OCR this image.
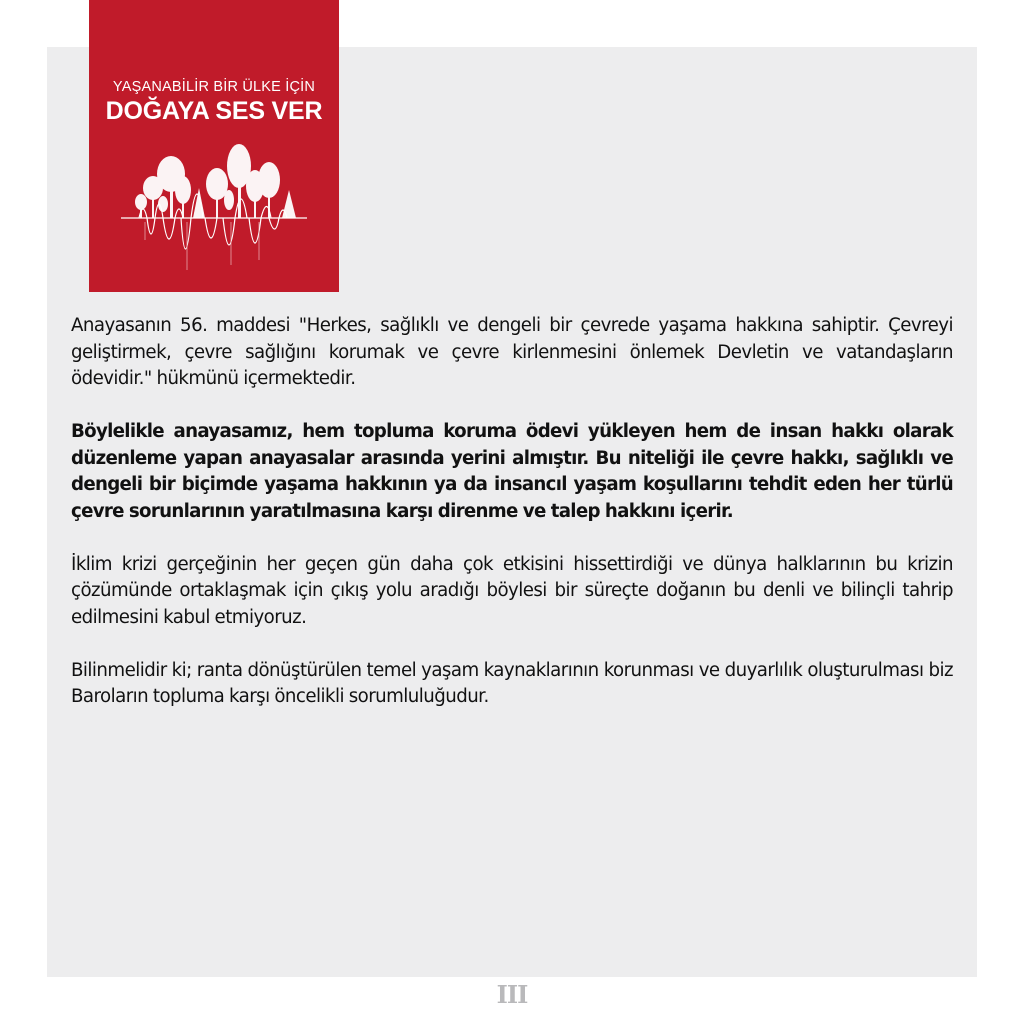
YAŞANABİLİR BİR ÜLKE İÇİN
DOĞAYA SES VER

Anayasanın 56. maddesi "Herkes, sağlıklı ve dengeli bir çevrede yaşama hakkına sahiptir. Çevreyi geliştirmek, çevre sağlığını korumak ve çevre kirlenmesini önlemek Devletin ve vatandaşların ödevidir." hükmünü içermektedir.

Böylelikle anayasamız, hem topluma koruma ödevi yükleyen hem de insan hakkı olarak düzenleme yapan anayasalar arasında yerini almıştır. Bu niteliği ile çevre hakkı, sağlıklı ve dengeli bir biçimde yaşama hakkının ya da insancıl yaşam koşullarını tehdit eden her türlü çevre sorunlarının yaratılmasına karşı direnme ve talep hakkını içerir.

İklim krizi gerçeğinin her geçen gün daha çok etkisini hissettirdiği ve dünya halklarının bu krizin çözümünde ortaklaşmak için çıkış yolu aradığı böylesi bir süreçte doğanın bu denli ve bilinçli tahrip edilmesini kabul etmiyoruz.

Bilinmelidir ki; ranta dönüştürülen temel yaşam kaynaklarının korunması ve duyarlılık oluşturulması biz Baroların topluma karşı öncelikli sorumluluğudur.

III
